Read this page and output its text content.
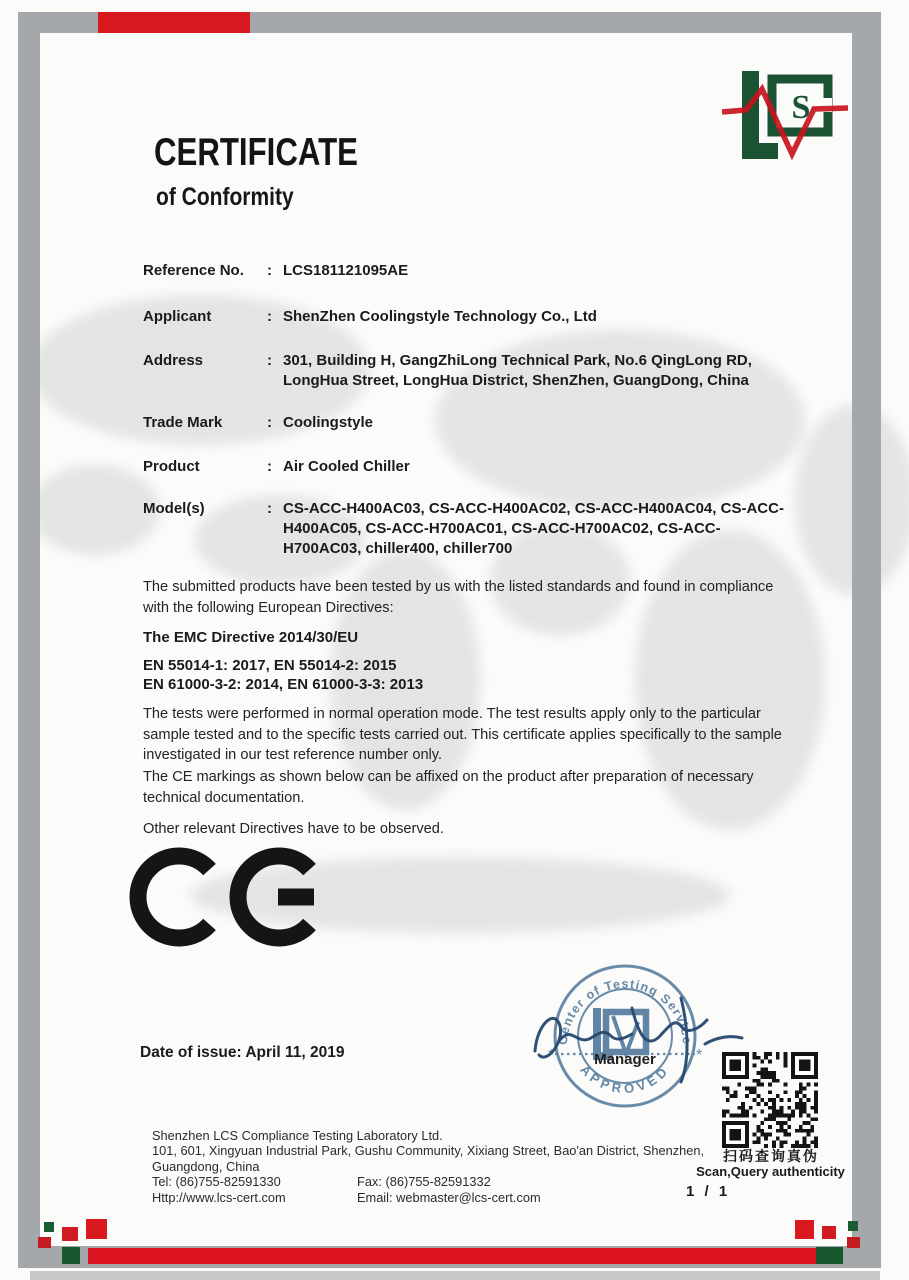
S
CERTIFICATE
of Conformity
Reference No.	: LCS181121095AE
Applicant	: ShenZhen Coolingstyle Technology Co., Ltd
Address	: 301, Building H, GangZhiLong Technical Park, No.6 QingLong RD, LongHua Street, LongHua District, ShenZhen, GuangDong, China
Trade Mark	: Coolingstyle
Product	: Air Cooled Chiller
Model(s)	: CS-ACC-H400AC03, CS-ACC-H400AC02, CS-ACC-H400AC04, CS-ACC-H400AC05, CS-ACC-H700AC01, CS-ACC-H700AC02, CS-ACC-H700AC03, chiller400, chiller700
The submitted products have been tested by us with the listed standards and found in compliance with the following European Directives:
The EMC Directive 2014/30/EU
EN 55014-1: 2017, EN 55014-2: 2015
EN 61000-3-2: 2014, EN 61000-3-3: 2013
The tests were performed in normal operation mode. The test results apply only to the particular sample tested and to the specific tests carried out. This certificate applies specifically to the sample investigated in our test reference number only.
The CE markings as shown below can be affixed on the product after preparation of necessary technical documentation.
Other relevant Directives have to be observed.
Center of Testing Service
APPROVED
*	*
Manager
Date of issue: April 11, 2019
扫码查询真伪
Scan,Query authenticity
Shenzhen LCS Compliance Testing Laboratory Ltd.
101, 601, Xingyuan Industrial Park, Gushu Community, Xixiang Street, Bao'an District, Shenzhen, Guangdong, China
Tel: (86)755-82591330	Fax: (86)755-82591332
Http://www.lcs-cert.com	Email: webmaster@lcs-cert.com	1 / 1
